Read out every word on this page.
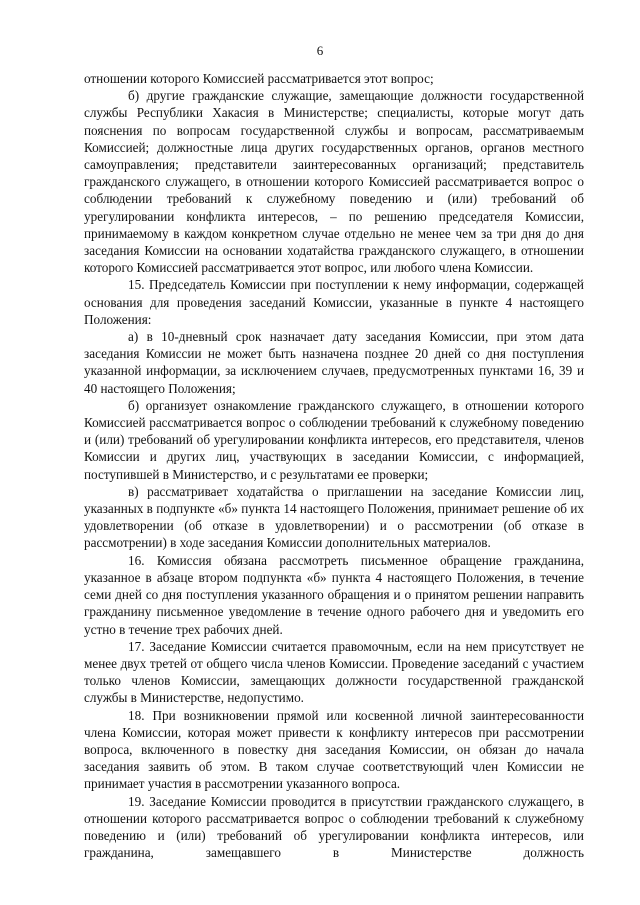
6

отношении которого Комиссией рассматривается этот вопрос;

б) другие гражданские служащие, замещающие должности государственной службы Республики Хакасия в Министерстве; специалисты, которые могут дать пояснения по вопросам государственной службы и вопросам, рассматриваемым Комиссией; должностные лица других государственных органов, органов местного самоуправления; представители заинтересованных организаций; представитель гражданского служащего, в отношении которого Комиссией рассматривается вопрос о соблюдении требований к служебному поведению и (или) требований об урегулировании конфликта интересов, – по решению председателя Комиссии, принимаемому в каждом конкретном случае отдельно не менее чем за три дня до дня заседания Комиссии на основании ходатайства гражданского служащего, в отношении которого Комиссией рассматривается этот вопрос, или любого члена Комиссии.

15. Председатель Комиссии при поступлении к нему информации, содержащей основания для проведения заседаний Комиссии, указанные в пункте 4 настоящего Положения:

а) в 10-дневный срок назначает дату заседания Комиссии, при этом дата заседания Комиссии не может быть назначена позднее 20 дней со дня поступления указанной информации, за исключением случаев, предусмотренных пунктами 16, 39 и 40 настоящего Положения;

б) организует ознакомление гражданского служащего, в отношении которого Комиссией рассматривается вопрос о соблюдении требований к служебному поведению и (или) требований об урегулировании конфликта интересов, его представителя, членов Комиссии и других лиц, участвующих в заседании Комиссии, с информацией, поступившей в Министерство, и с результатами ее проверки;

в) рассматривает ходатайства о приглашении на заседание Комиссии лиц, указанных в подпункте «б» пункта 14 настоящего Положения, принимает решение об их удовлетворении (об отказе в удовлетворении) и о рассмотрении (об отказе в рассмотрении) в ходе заседания Комиссии дополнительных материалов.

16. Комиссия обязана рассмотреть письменное обращение гражданина, указанное в абзаце втором подпункта «б» пункта 4 настоящего Положения, в течение семи дней со дня поступления указанного обращения и о принятом решении направить гражданину письменное уведомление в течение одного рабочего дня и уведомить его устно в течение трех рабочих дней.

17. Заседание Комиссии считается правомочным, если на нем присутствует не менее двух третей от общего числа членов Комиссии. Проведение заседаний с участием только членов Комиссии, замещающих должности государственной гражданской службы в Министерстве, недопустимо.

18. При возникновении прямой или косвенной личной заинтересованности члена Комиссии, которая может привести к конфликту интересов при рассмотрении вопроса, включенного в повестку дня заседания Комиссии, он обязан до начала заседания заявить об этом. В таком случае соответствующий член Комиссии не принимает участия в рассмотрении указанного вопроса.

19. Заседание Комиссии проводится в присутствии гражданского служащего, в отношении которого рассматривается вопрос о соблюдении требований к служебному поведению и (или) требований об урегулировании конфликта интересов, или гражданина, замещавшего в Министерстве должность
